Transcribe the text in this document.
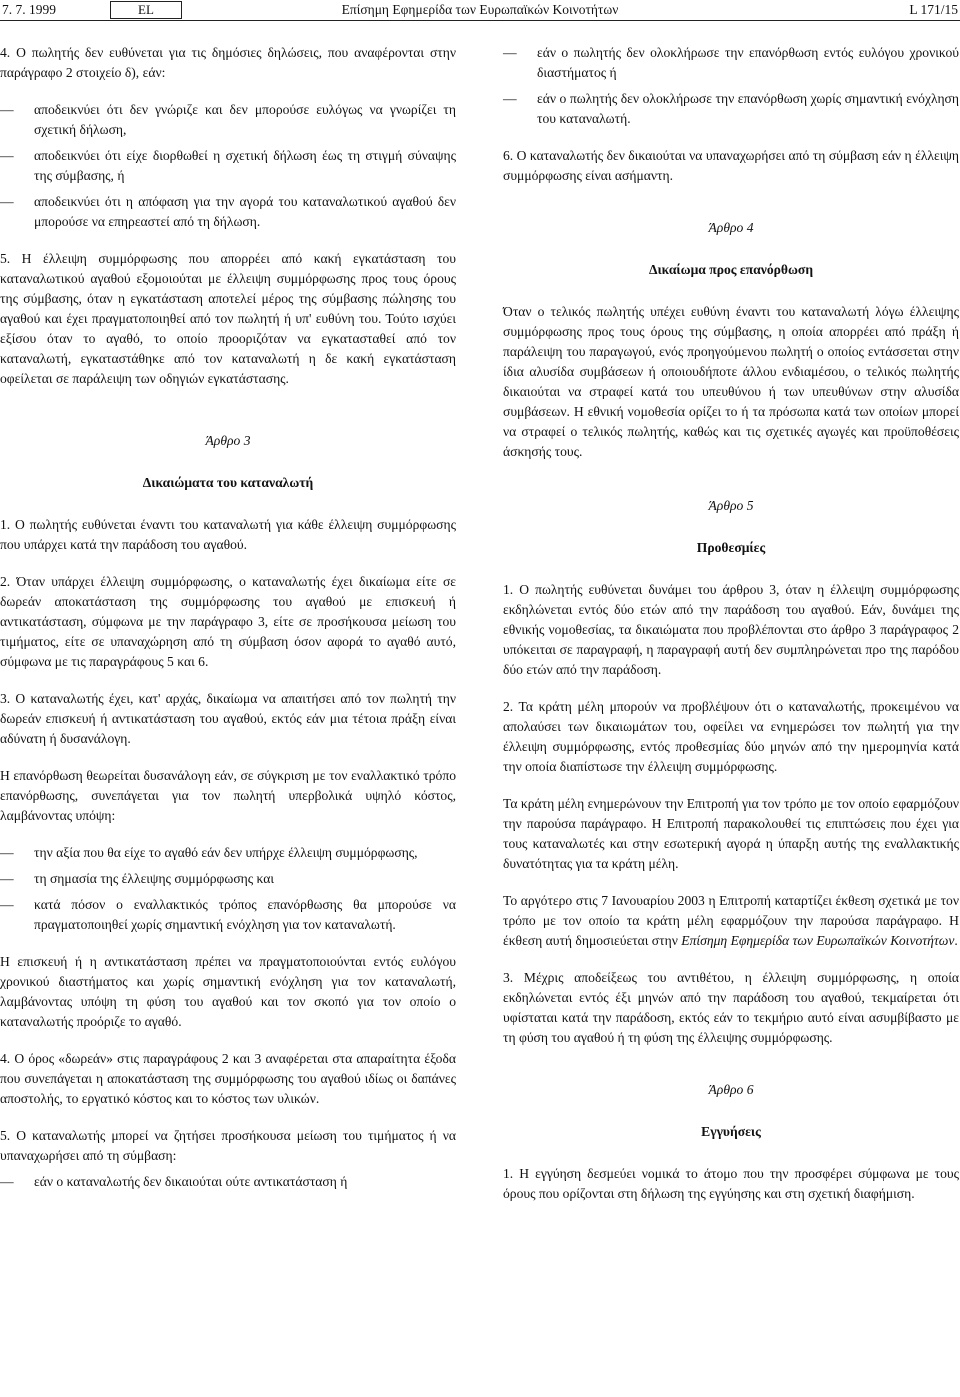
7. 7. 1999	Επίσημη Εφημερίδα των Ευρωπαϊκών Κοινοτήτων
EL	L 171/15

4. Ο πωλητής δεν ευθύνεται για τις δημόσιες δηλώσεις, που αναφέρονται στην παράγραφο 2 στοιχείο δ), εάν:

—	αποδεικνύει ότι δεν γνώριζε και δεν μπορούσε ευλόγως να γνωρίζει τη σχετική δήλωση,
—	αποδεικνύει ότι είχε διορθωθεί η σχετική δήλωση έως τη στιγμή σύναψης της σύμβασης, ή
—	αποδεικνύει ότι η απόφαση για την αγορά του καταναλωτικού αγαθού δεν μπορούσε να επηρεαστεί από τη δήλωση.

5. Η έλλειψη συμμόρφωσης που απορρέει από κακή εγκατάσταση του καταναλωτικού αγαθού εξομοιούται με έλλειψη συμμόρφωσης προς τους όρους της σύμβασης, όταν η εγκατάσταση αποτελεί μέρος της σύμβασης πώλησης του αγαθού και έχει πραγματοποιηθεί από τον πωλητή ή υπ' ευθύνη του. Τούτο ισχύει εξίσου όταν το αγαθό, το οποίο προοριζόταν να εγκατασταθεί από τον καταναλωτή, εγκαταστάθηκε από τον καταναλωτή η δε κακή εγκατάσταση οφείλεται σε παράλειψη των οδηγιών εγκατάστασης.

Άρθρο 3

Δικαιώματα του καταναλωτή

1. Ο πωλητής ευθύνεται έναντι του καταναλωτή για κάθε έλλειψη συμμόρφωσης που υπάρχει κατά την παράδοση του αγαθού.

2. Όταν υπάρχει έλλειψη συμμόρφωσης, ο καταναλωτής έχει δικαίωμα είτε σε δωρεάν αποκατάσταση της συμμόρφωσης του αγαθού με επισκευή ή αντικατάσταση, σύμφωνα με την παράγραφο 3, είτε σε προσήκουσα μείωση του τιμήματος, είτε σε υπαναχώρηση από τη σύμβαση όσον αφορά το αγαθό αυτό, σύμφωνα με τις παραγράφους 5 και 6.

3. Ο καταναλωτής έχει, κατ' αρχάς, δικαίωμα να απαιτήσει από τον πωλητή την δωρεάν επισκευή ή αντικατάσταση του αγαθού, εκτός εάν μια τέτοια πράξη είναι αδύνατη ή δυσανάλογη.

Η επανόρθωση θεωρείται δυσανάλογη εάν, σε σύγκριση με τον εναλλακτικό τρόπο επανόρθωσης, συνεπάγεται για τον πωλητή υπερβολικά υψηλό κόστος, λαμβάνοντας υπόψη:

—	την αξία που θα είχε το αγαθό εάν δεν υπήρχε έλλειψη συμμόρφωσης,
—	τη σημασία της έλλειψης συμμόρφωσης και
—	κατά πόσον ο εναλλακτικός τρόπος επανόρθωσης θα μπορούσε να πραγματοποιηθεί χωρίς σημαντική ενόχληση για τον καταναλωτή.

Η επισκευή ή η αντικατάσταση πρέπει να πραγματοποιούνται εντός ευλόγου χρονικού διαστήματος και χωρίς σημαντική ενόχληση για τον καταναλωτή, λαμβάνοντας υπόψη τη φύση του αγαθού και τον σκοπό για τον οποίο ο καταναλωτής προόριζε το αγαθό.

4. Ο όρος «δωρεάν» στις παραγράφους 2 και 3 αναφέρεται στα απαραίτητα έξοδα που συνεπάγεται η αποκατάσταση της συμμόρφωσης του αγαθού ιδίως οι δαπάνες αποστολής, το εργατικό κόστος και το κόστος των υλικών.

5. Ο καταναλωτής μπορεί να ζητήσει προσήκουσα μείωση του τιμήματος ή να υπαναχωρήσει από τη σύμβαση:

—	εάν ο καταναλωτής δεν δικαιούται ούτε αντικατάσταση ή
—	εάν ο πωλητής δεν ολοκλήρωσε την επανόρθωση εντός ευλόγου χρονικού διαστήματος ή
—	εάν ο πωλητής δεν ολοκλήρωσε την επανόρθωση χωρίς σημαντική ενόχληση του καταναλωτή.

6. Ο καταναλωτής δεν δικαιούται να υπαναχωρήσει από τη σύμβαση εάν η έλλειψη συμμόρφωσης είναι ασήμαντη.

Άρθρο 4

Δικαίωμα προς επανόρθωση

Όταν ο τελικός πωλητής υπέχει ευθύνη έναντι του καταναλωτή λόγω έλλειψης συμμόρφωσης προς τους όρους της σύμβασης, η οποία απορρέει από πράξη ή παράλειψη του παραγωγού, ενός προηγούμενου πωλητή ο οποίος εντάσσεται στην ίδια αλυσίδα συμβάσεων ή οποιουδήποτε άλλου ενδιαμέσου, ο τελικός πωλητής δικαιούται να στραφεί κατά του υπευθύνου ή των υπευθύνων στην αλυσίδα συμβάσεων. Η εθνική νομοθεσία ορίζει το ή τα πρόσωπα κατά των οποίων μπορεί να στραφεί ο τελικός πωλητής, καθώς και τις σχετικές αγωγές και προϋποθέσεις άσκησής τους.

Άρθρο 5

Προθεσμίες

1. Ο πωλητής ευθύνεται δυνάμει του άρθρου 3, όταν η έλλειψη συμμόρφωσης εκδηλώνεται εντός δύο ετών από την παράδοση του αγαθού. Εάν, δυνάμει της εθνικής νομοθεσίας, τα δικαιώματα που προβλέπονται στο άρθρο 3 παράγραφος 2 υπόκειται σε παραγραφή, η παραγραφή αυτή δεν συμπληρώνεται προ της παρόδου δύο ετών από την παράδοση.

2. Τα κράτη μέλη μπορούν να προβλέψουν ότι ο καταναλωτής, προκειμένου να απολαύσει των δικαιωμάτων του, οφείλει να ενημερώσει τον πωλητή για την έλλειψη συμμόρφωσης, εντός προθεσμίας δύο μηνών από την ημερομηνία κατά την οποία διαπίστωσε την έλλειψη συμμόρφωσης.

Τα κράτη μέλη ενημερώνουν την Επιτροπή για τον τρόπο με τον οποίο εφαρμόζουν την παρούσα παράγραφο. Η Επιτροπή παρακολουθεί τις επιπτώσεις που έχει για τους καταναλωτές και στην εσωτερική αγορά η ύπαρξη αυτής της εναλλακτικής δυνατότητας για τα κράτη μέλη.

Το αργότερο στις 7 Ιανουαρίου 2003 η Επιτροπή καταρτίζει έκθεση σχετικά με τον τρόπο με τον οποίο τα κράτη μέλη εφαρμόζουν την παρούσα παράγραφο. Η έκθεση αυτή δημοσιεύεται στην Επίσημη Εφημερίδα των Ευρωπαϊκών Κοινοτήτων.

3. Μέχρις αποδείξεως του αντιθέτου, η έλλειψη συμμόρφωσης, η οποία εκδηλώνεται εντός έξι μηνών από την παράδοση του αγαθού, τεκμαίρεται ότι υφίσταται κατά την παράδοση, εκτός εάν το τεκμήριο αυτό είναι ασυμβίβαστο με τη φύση του αγαθού ή τη φύση της έλλειψης συμμόρφωσης.

Άρθρο 6

Εγγυήσεις

1. Η εγγύηση δεσμεύει νομικά το άτομο που την προσφέρει σύμφωνα με τους όρους που ορίζονται στη δήλωση της εγγύησης και στη σχετική διαφήμιση.
